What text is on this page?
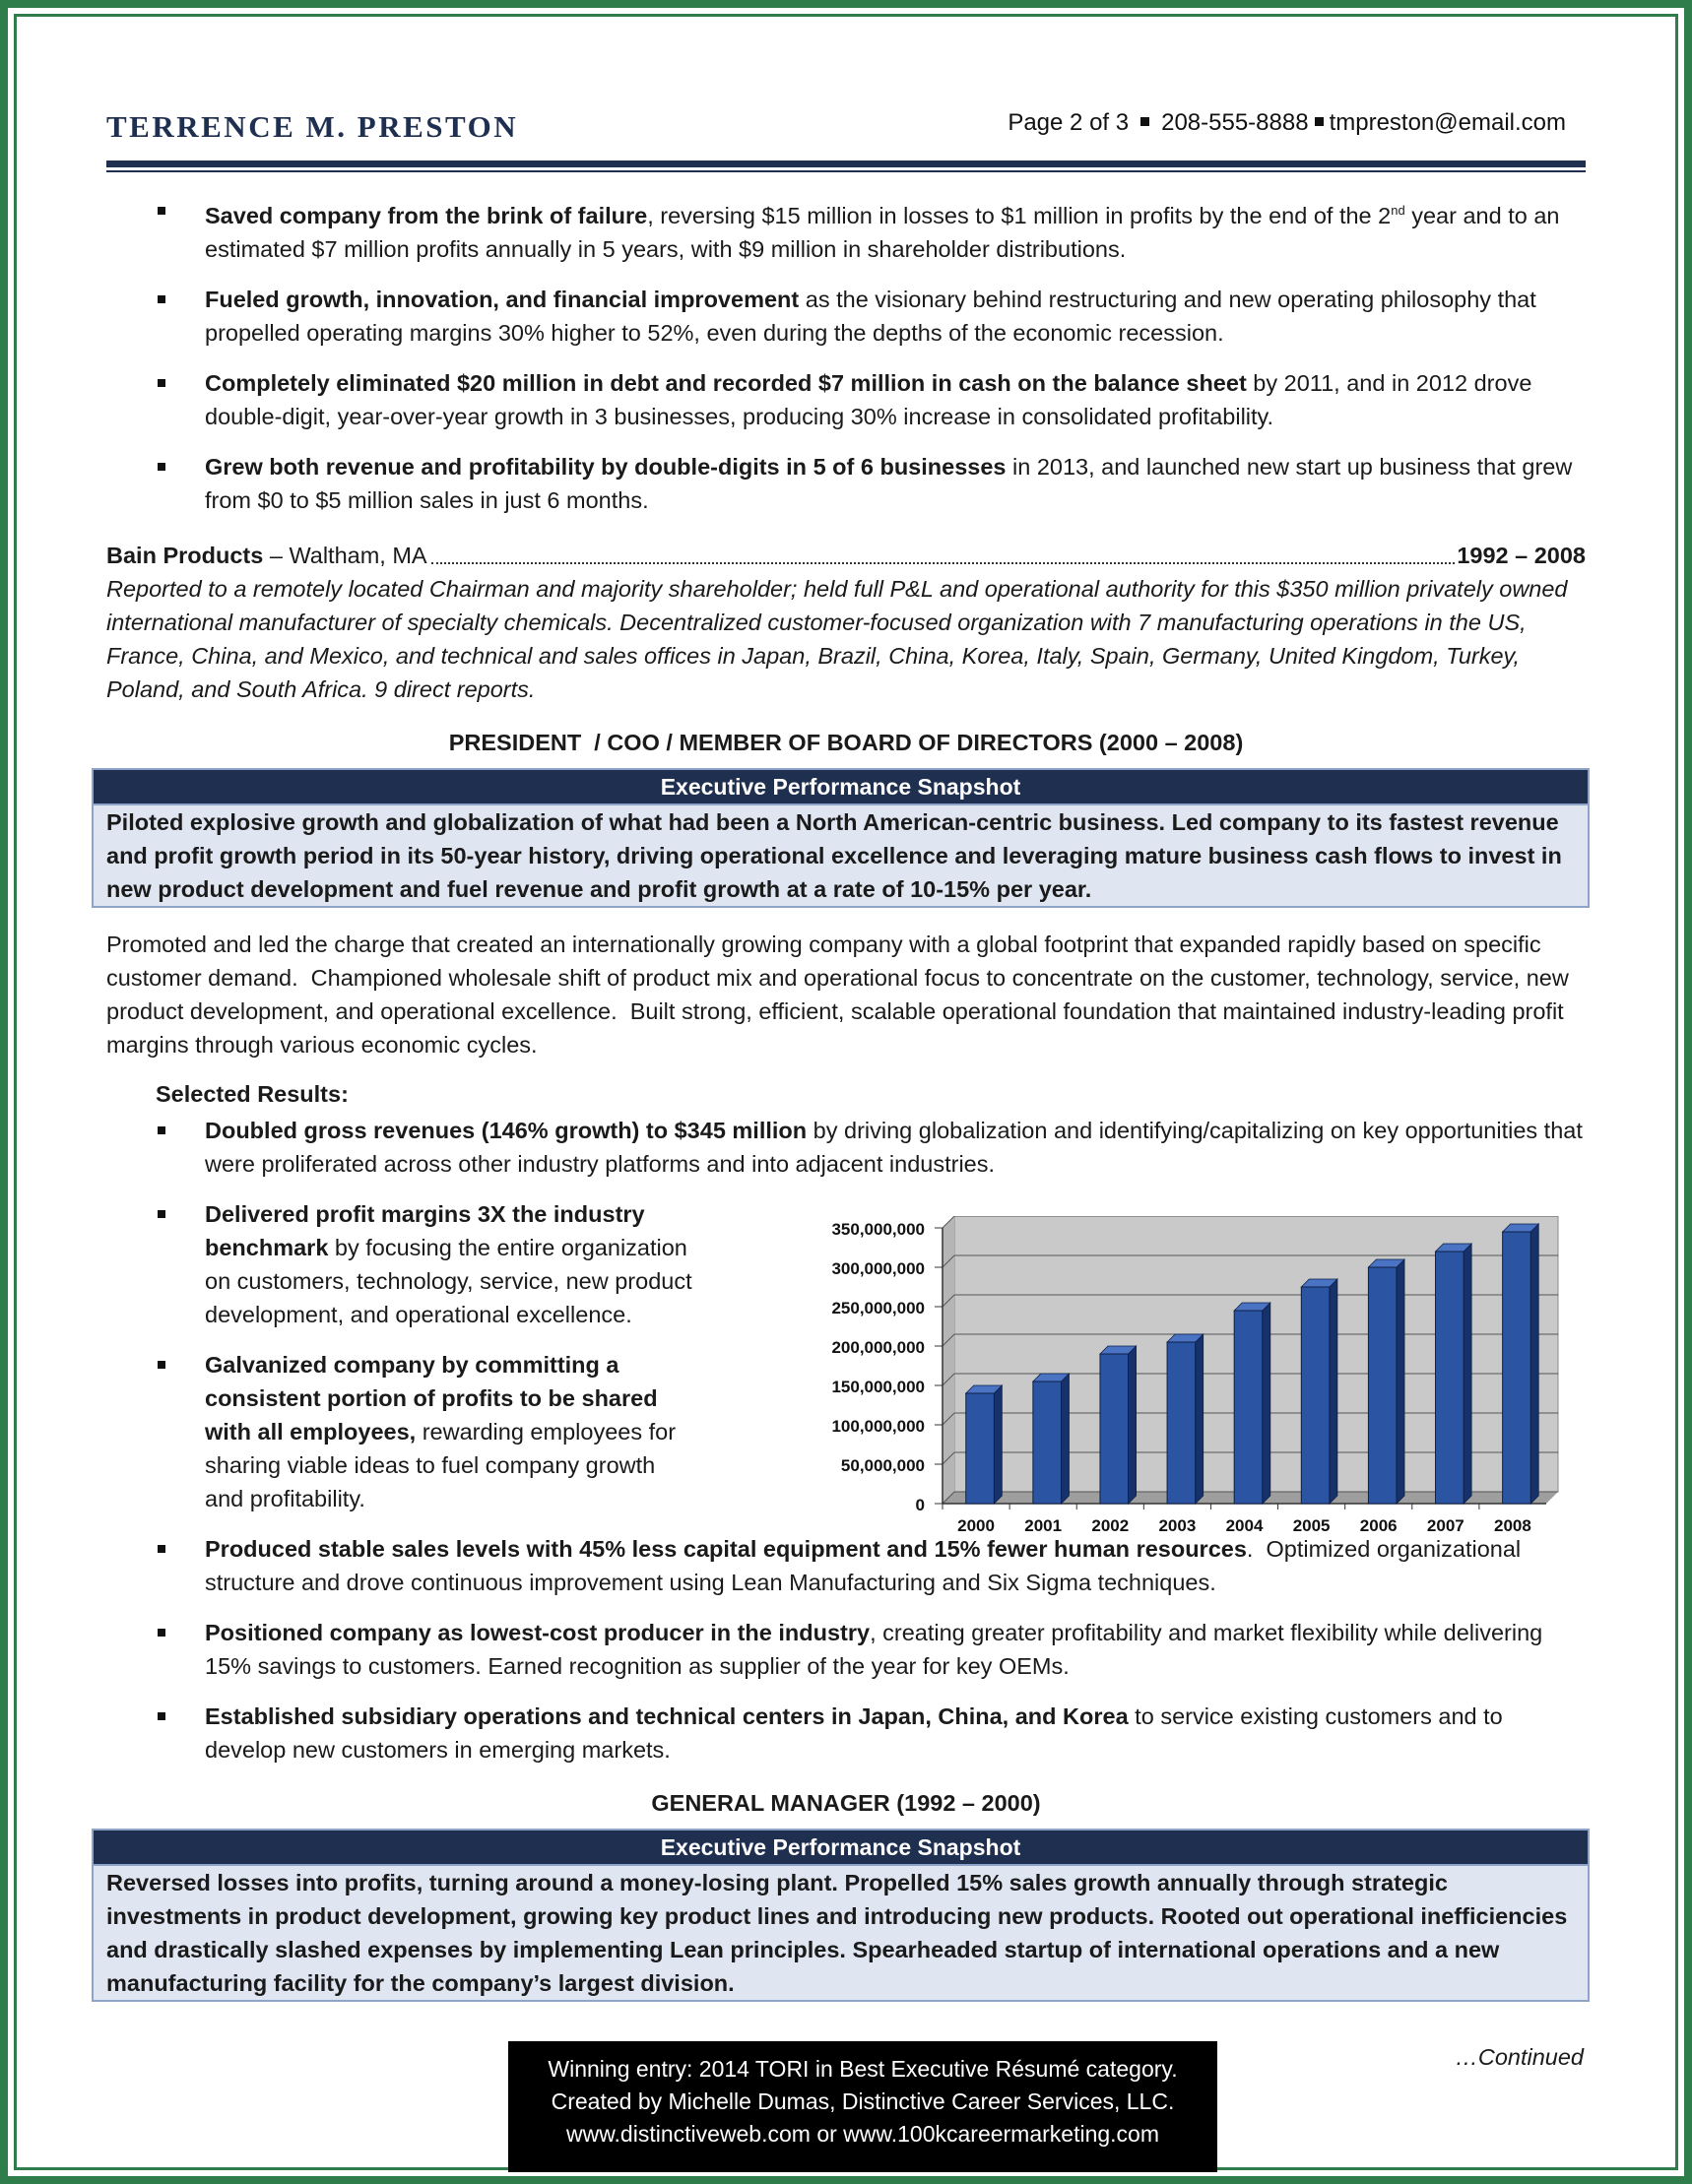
TERRENCE M. PRESTON	Page 2 of 3 208-555-8888 tmpreston@email.com
Saved company from the brink of failure, reversing $15 million in losses to $1 million in profits by the end of the 2nd year and to an estimated $7 million profits annually in 5 years, with $9 million in shareholder distributions.
Fueled growth, innovation, and financial improvement as the visionary behind restructuring and new operating philosophy that propelled operating margins 30% higher to 52%, even during the depths of the economic recession.
Completely eliminated $20 million in debt and recorded $7 million in cash on the balance sheet by 2011, and in 2012 drove double-digit, year-over-year growth in 3 businesses, producing 30% increase in consolidated profitability.
Grew both revenue and profitability by double-digits in 5 of 6 businesses in 2013, and launched new start up business that grew from $0 to $5 million sales in just 6 months.
Bain Products – Waltham, MA	1992 – 2008
Reported to a remotely located Chairman and majority shareholder; held full P&L and operational authority for this $350 million privately owned international manufacturer of specialty chemicals. Decentralized customer-focused organization with 7 manufacturing operations in the US, France, China, and Mexico, and technical and sales offices in Japan, Brazil, China, Korea, Italy, Spain, Germany, United Kingdom, Turkey, Poland, and South Africa. 9 direct reports.
PRESIDENT  / COO / MEMBER OF BOARD OF DIRECTORS (2000 – 2008)
Executive Performance Snapshot
Piloted explosive growth and globalization of what had been a North American-centric business. Led company to its fastest revenue and profit growth period in its 50-year history, driving operational excellence and leveraging mature business cash flows to invest in new product development and fuel revenue and profit growth at a rate of 10-15% per year.
Promoted and led the charge that created an internationally growing company with a global footprint that expanded rapidly based on specific customer demand.  Championed wholesale shift of product mix and operational focus to concentrate on the customer, technology, service, new product development, and operational excellence.  Built strong, efficient, scalable operational foundation that maintained industry-leading profit margins through various economic cycles.
Selected Results:
Doubled gross revenues (146% growth) to $345 million by driving globalization and identifying/capitalizing on key opportunities that were proliferated across other industry platforms and into adjacent industries.
Delivered profit margins 3X the industry benchmark by focusing the entire organization on customers, technology, service, new product development, and operational excellence.
Galvanized company by committing a consistent portion of profits to be shared with all employees, rewarding employees for sharing viable ideas to fuel company growth and profitability.
Produced stable sales levels with 45% less capital equipment and 15% fewer human resources.  Optimized organizational structure and drove continuous improvement using Lean Manufacturing and Six Sigma techniques.
Positioned company as lowest-cost producer in the industry, creating greater profitability and market flexibility while delivering 15% savings to customers. Earned recognition as supplier of the year for key OEMs.
Established subsidiary operations and technical centers in Japan, China, and Korea to service existing customers and to develop new customers in emerging markets.
GENERAL MANAGER (1992 – 2000)
Executive Performance Snapshot
Reversed losses into profits, turning around a money-losing plant. Propelled 15% sales growth annually through strategic investments in product development, growing key product lines and introducing new products. Rooted out operational inefficiencies and drastically slashed expenses by implementing Lean principles. Spearheaded startup of international operations and a new manufacturing facility for the company’s largest division.
…Continued
Winning entry: 2014 TORI in Best Executive Résumé category.
Created by Michelle Dumas, Distinctive Career Services, LLC.
www.distinctiveweb.com or www.100kcareermarketing.com
0
50,000,000
100,000,000
150,000,000
200,000,000
250,000,000
300,000,000
350,000,000
2000 2001 2002 2003 2004 2005 2006 2007 2008
